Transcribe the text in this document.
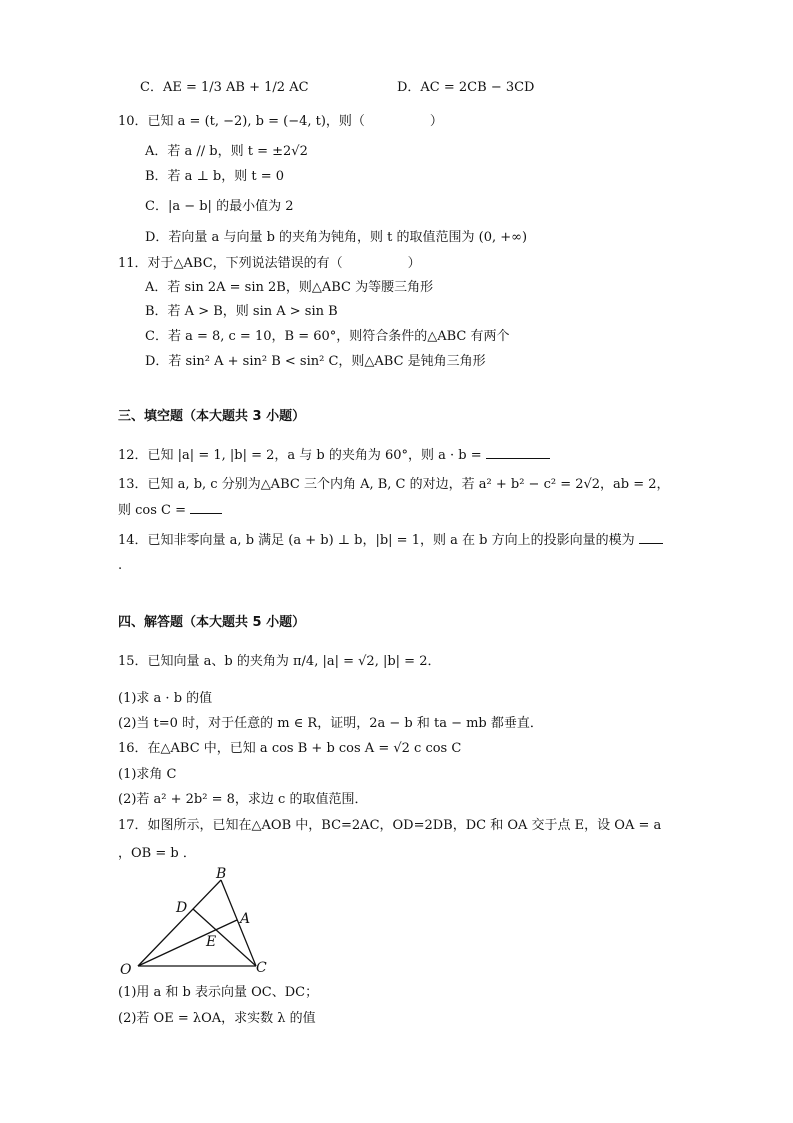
C．AE = 1/3 AB + 1/2 AC	D．AC = 2CB − 3CD
10．已知 a = (t, −2), b = (−4, t)，则（　　　　　）
A．若 a // b，则 t = ±2√2
B．若 a ⊥ b，则 t = 0
C．|a − b| 的最小值为 2
D．若向量 a 与向量 b 的夹角为钝角，则 t 的取值范围为 (0, +∞)
11．对于△ABC，下列说法错误的有（　　　　　）
A．若 sin 2A = sin 2B，则△ABC 为等腰三角形
B．若 A > B，则 sin A > sin B
C．若 a = 8, c = 10，B = 60°，则符合条件的△ABC 有两个
D．若 sin² A + sin² B < sin² C，则△ABC 是钝角三角形
三、填空题（本大题共 3 小题）
12．已知 |a| = 1, |b| = 2，a 与 b 的夹角为 60°，则 a · b =
13．已知 a, b, c 分别为△ABC 三个内角 A, B, C 的对边，若 a² + b² − c² = 2√2，ab = 2，
则 cos C =
14．已知非零向量 a, b 满足 (a + b) ⊥ b，|b| = 1，则 a 在 b 方向上的投影向量的模为
.
四、解答题（本大题共 5 小题）
15．已知向量 a、b 的夹角为 π/4, |a| = √2, |b| = 2．
(1)求 a · b 的值
(2)当 t=0 时，对于任意的 m ∈ R，证明，2a − b 和 ta − mb 都垂直．
16．在△ABC 中，已知 a cos B + b cos A = √2 c cos C
(1)求角 C
(2)若 a² + 2b² = 8，求边 c 的取值范围．
17．如图所示，已知在△AOB 中，BC=2AC，OD=2DB，DC 和 OA 交于点 E，设 OA = a
，OB = b ．
B
D
A
E
O	C
(1)用 a 和 b 表示向量 OC、DC；
(2)若 OE = λOA，求实数 λ 的值
